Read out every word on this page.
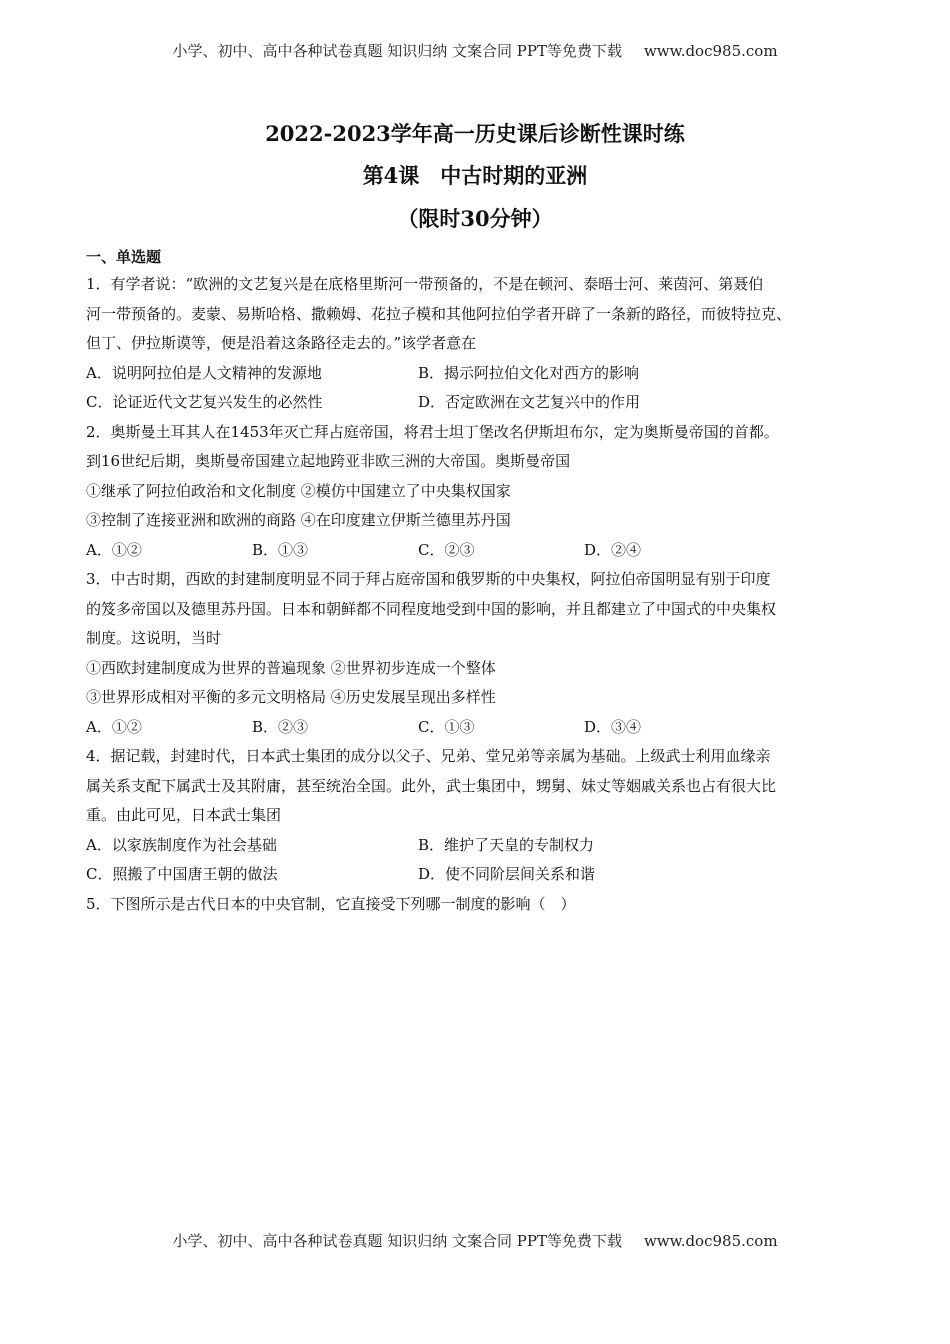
小学、初中、高中各种试卷真题 知识归纳 文案合同 PPT等免费下载 www.doc985.com
2022-2023学年高一历史课后诊断性课时练
第4课　中古时期的亚洲
（限时30分钟）
一、单选题
1．有学者说：“欧洲的文艺复兴是在底格里斯河一带预备的，不是在顿河、泰晤士河、莱茵河、第聂伯
河一带预备的。麦蒙、易斯哈格、撒赖姆、花拉子模和其他阿拉伯学者开辟了一条新的路径，而彼特拉克、
但丁、伊拉斯谟等，便是沿着这条路径走去的。”该学者意在
A．说明阿拉伯是人文精神的发源地	B．揭示阿拉伯文化对西方的影响
C．论证近代文艺复兴发生的必然性	D．否定欧洲在文艺复兴中的作用
2．奥斯曼土耳其人在1453年灭亡拜占庭帝国，将君士坦丁堡改名伊斯坦布尔，定为奥斯曼帝国的首都。
到16世纪后期，奥斯曼帝国建立起地跨亚非欧三洲的大帝国。奥斯曼帝国
①继承了阿拉伯政治和文化制度 ②模仿中国建立了中央集权国家
③控制了连接亚洲和欧洲的商路 ④在印度建立伊斯兰德里苏丹国
A．①②	B．①③	C．②③	D．②④
3．中古时期，西欧的封建制度明显不同于拜占庭帝国和俄罗斯的中央集权，阿拉伯帝国明显有别于印度
的笈多帝国以及德里苏丹国。日本和朝鲜都不同程度地受到中国的影响，并且都建立了中国式的中央集权
制度。这说明，当时
①西欧封建制度成为世界的普遍现象 ②世界初步连成一个整体
③世界形成相对平衡的多元文明格局 ④历史发展呈现出多样性
A．①②	B．②③	C．①③	D．③④
4．据记载，封建时代，日本武士集团的成分以父子、兄弟、堂兄弟等亲属为基础。上级武士利用血缘亲
属关系支配下属武士及其附庸，甚至统治全国。此外，武士集团中，甥舅、妹丈等姻戚关系也占有很大比
重。由此可见，日本武士集团
A．以家族制度作为社会基础	B．维护了天皇的专制权力
C．照搬了中国唐王朝的做法	D．使不同阶层间关系和谐
5．下图所示是古代日本的中央官制，它直接受下列哪一制度的影响（　）
小学、初中、高中各种试卷真题 知识归纳 文案合同 PPT等免费下载 www.doc985.com
